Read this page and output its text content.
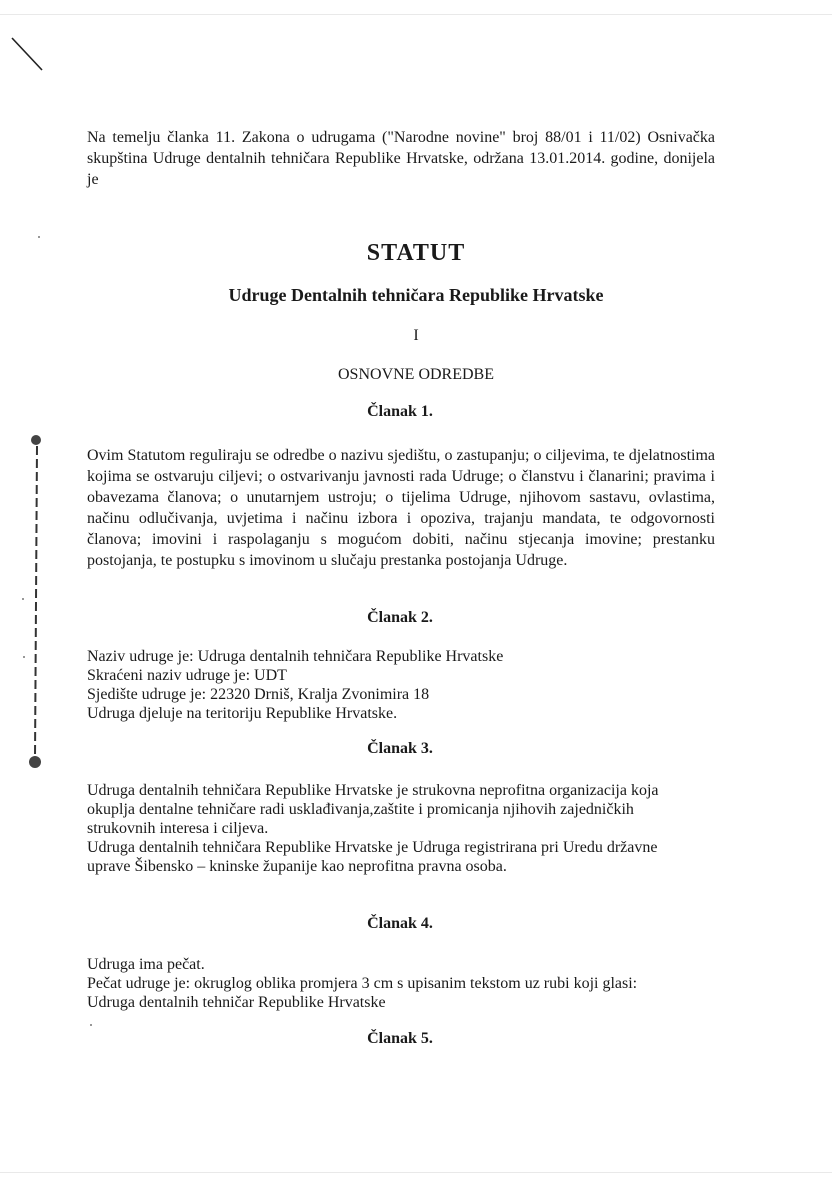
Na temelju članka 11. Zakona o udrugama ("Narodne novine" broj 88/01 i 11/02) Osnivačka skupština Udruge dentalnih tehničara Republike Hrvatske, održana 13.01.2014. godine, donijela je
STATUT
Udruge Dentalnih tehničara Republike Hrvatske
I
OSNOVNE ODREDBE
Članak 1.
Ovim Statutom reguliraju se odredbe o nazivu sjedištu, o zastupanju; o ciljevima, te djelatnostima kojima se ostvaruju ciljevi; o ostvarivanju javnosti rada Udruge; o članstvu i članarini; pravima i obavezama članova; o unutarnjem ustroju; o tijelima Udruge, njihovom sastavu, ovlastima, načinu odlučivanja, uvjetima i načinu izbora i opoziva, trajanju mandata, te odgovornosti članova; imovini i raspolaganju s mogućom dobiti, načinu stjecanja imovine; prestanku postojanja, te postupku s imovinom u slučaju prestanka postojanja Udruge.
Članak 2.
Naziv udruge je: Udruga dentalnih tehničara Republike Hrvatske
Skraćeni naziv udruge je: UDT
Sjedište udruge je: 22320 Drniš, Kralja Zvonimira 18
Udruga djeluje na teritoriju Republike Hrvatske.
Članak 3.
Udruga dentalnih tehničara Republike Hrvatske je strukovna neprofitna organizacija koja
okuplja dentalne tehničare radi usklađivanja,zaštite i promicanja njihovih zajedničkih
strukovnih interesa i ciljeva.
Udruga dentalnih tehničara Republike Hrvatske je Udruga registrirana pri Uredu državne
uprave Šibensko – kninske županije kao neprofitna pravna osoba.
Članak 4.
Udruga ima pečat.
Pečat udruge je: okruglog oblika promjera 3 cm s upisanim tekstom uz rubi koji glasi:
Udruga dentalnih tehničar Republike Hrvatske
Članak 5.
